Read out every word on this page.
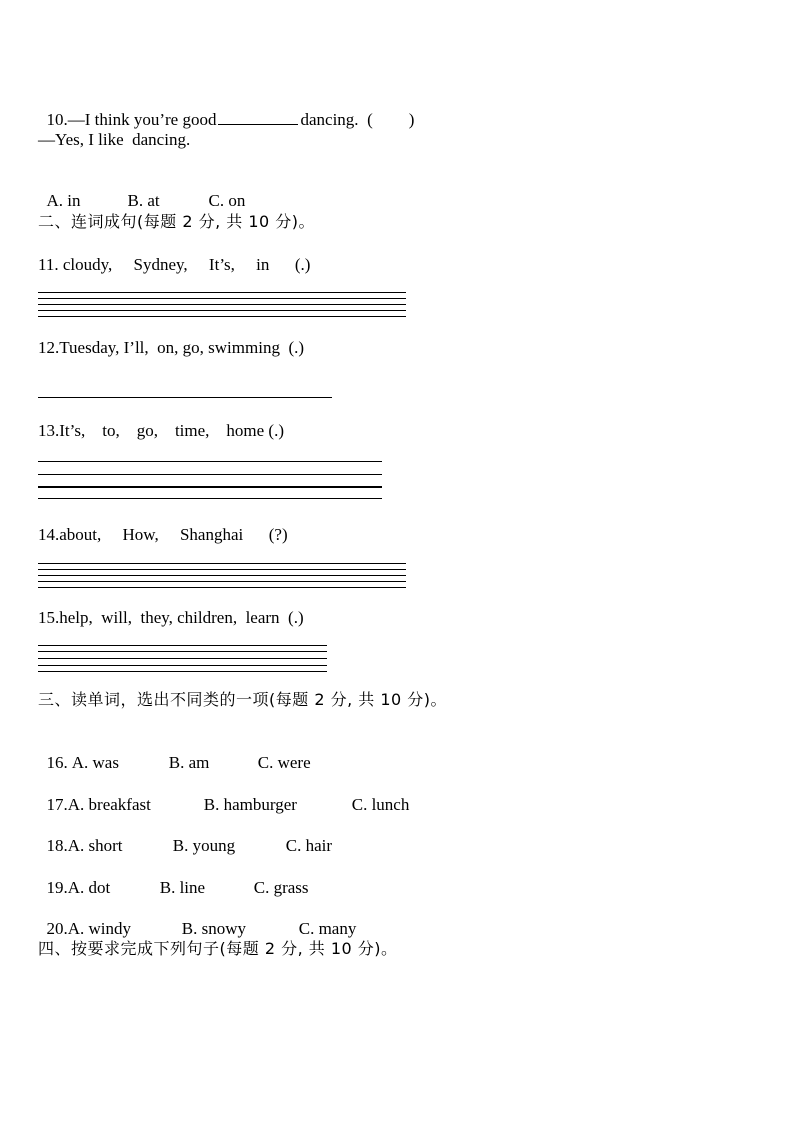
10.—I think you’re good	dancing. ( )

—Yes, I like  dancing.

A. in	B. at	C. on

二、连词成句(每题 2 分, 共 10 分)。
11. cloudy,     Sydney,     It’s,     in      (.)
12.Tuesday, I’ll,  on, go, swimming  (.)
13.It’s,    to,    go,    time,    home (.)
14.about,     How,     Shanghai      (?)
15.help,  will,  they, children,  learn  (.)
三、读单词，选出不同类的一项(每题 2 分, 共 10 分)。

16. A. was	B. am	C. were

17.A. breakfast	B. hamburger	C. lunch

18.A. short	B. young	C. hair

19.A. dot	B. line	C. grass

20.A. windy	B. snowy	C. many

四、按要求完成下列句子(每题 2 分, 共 10 分)。
